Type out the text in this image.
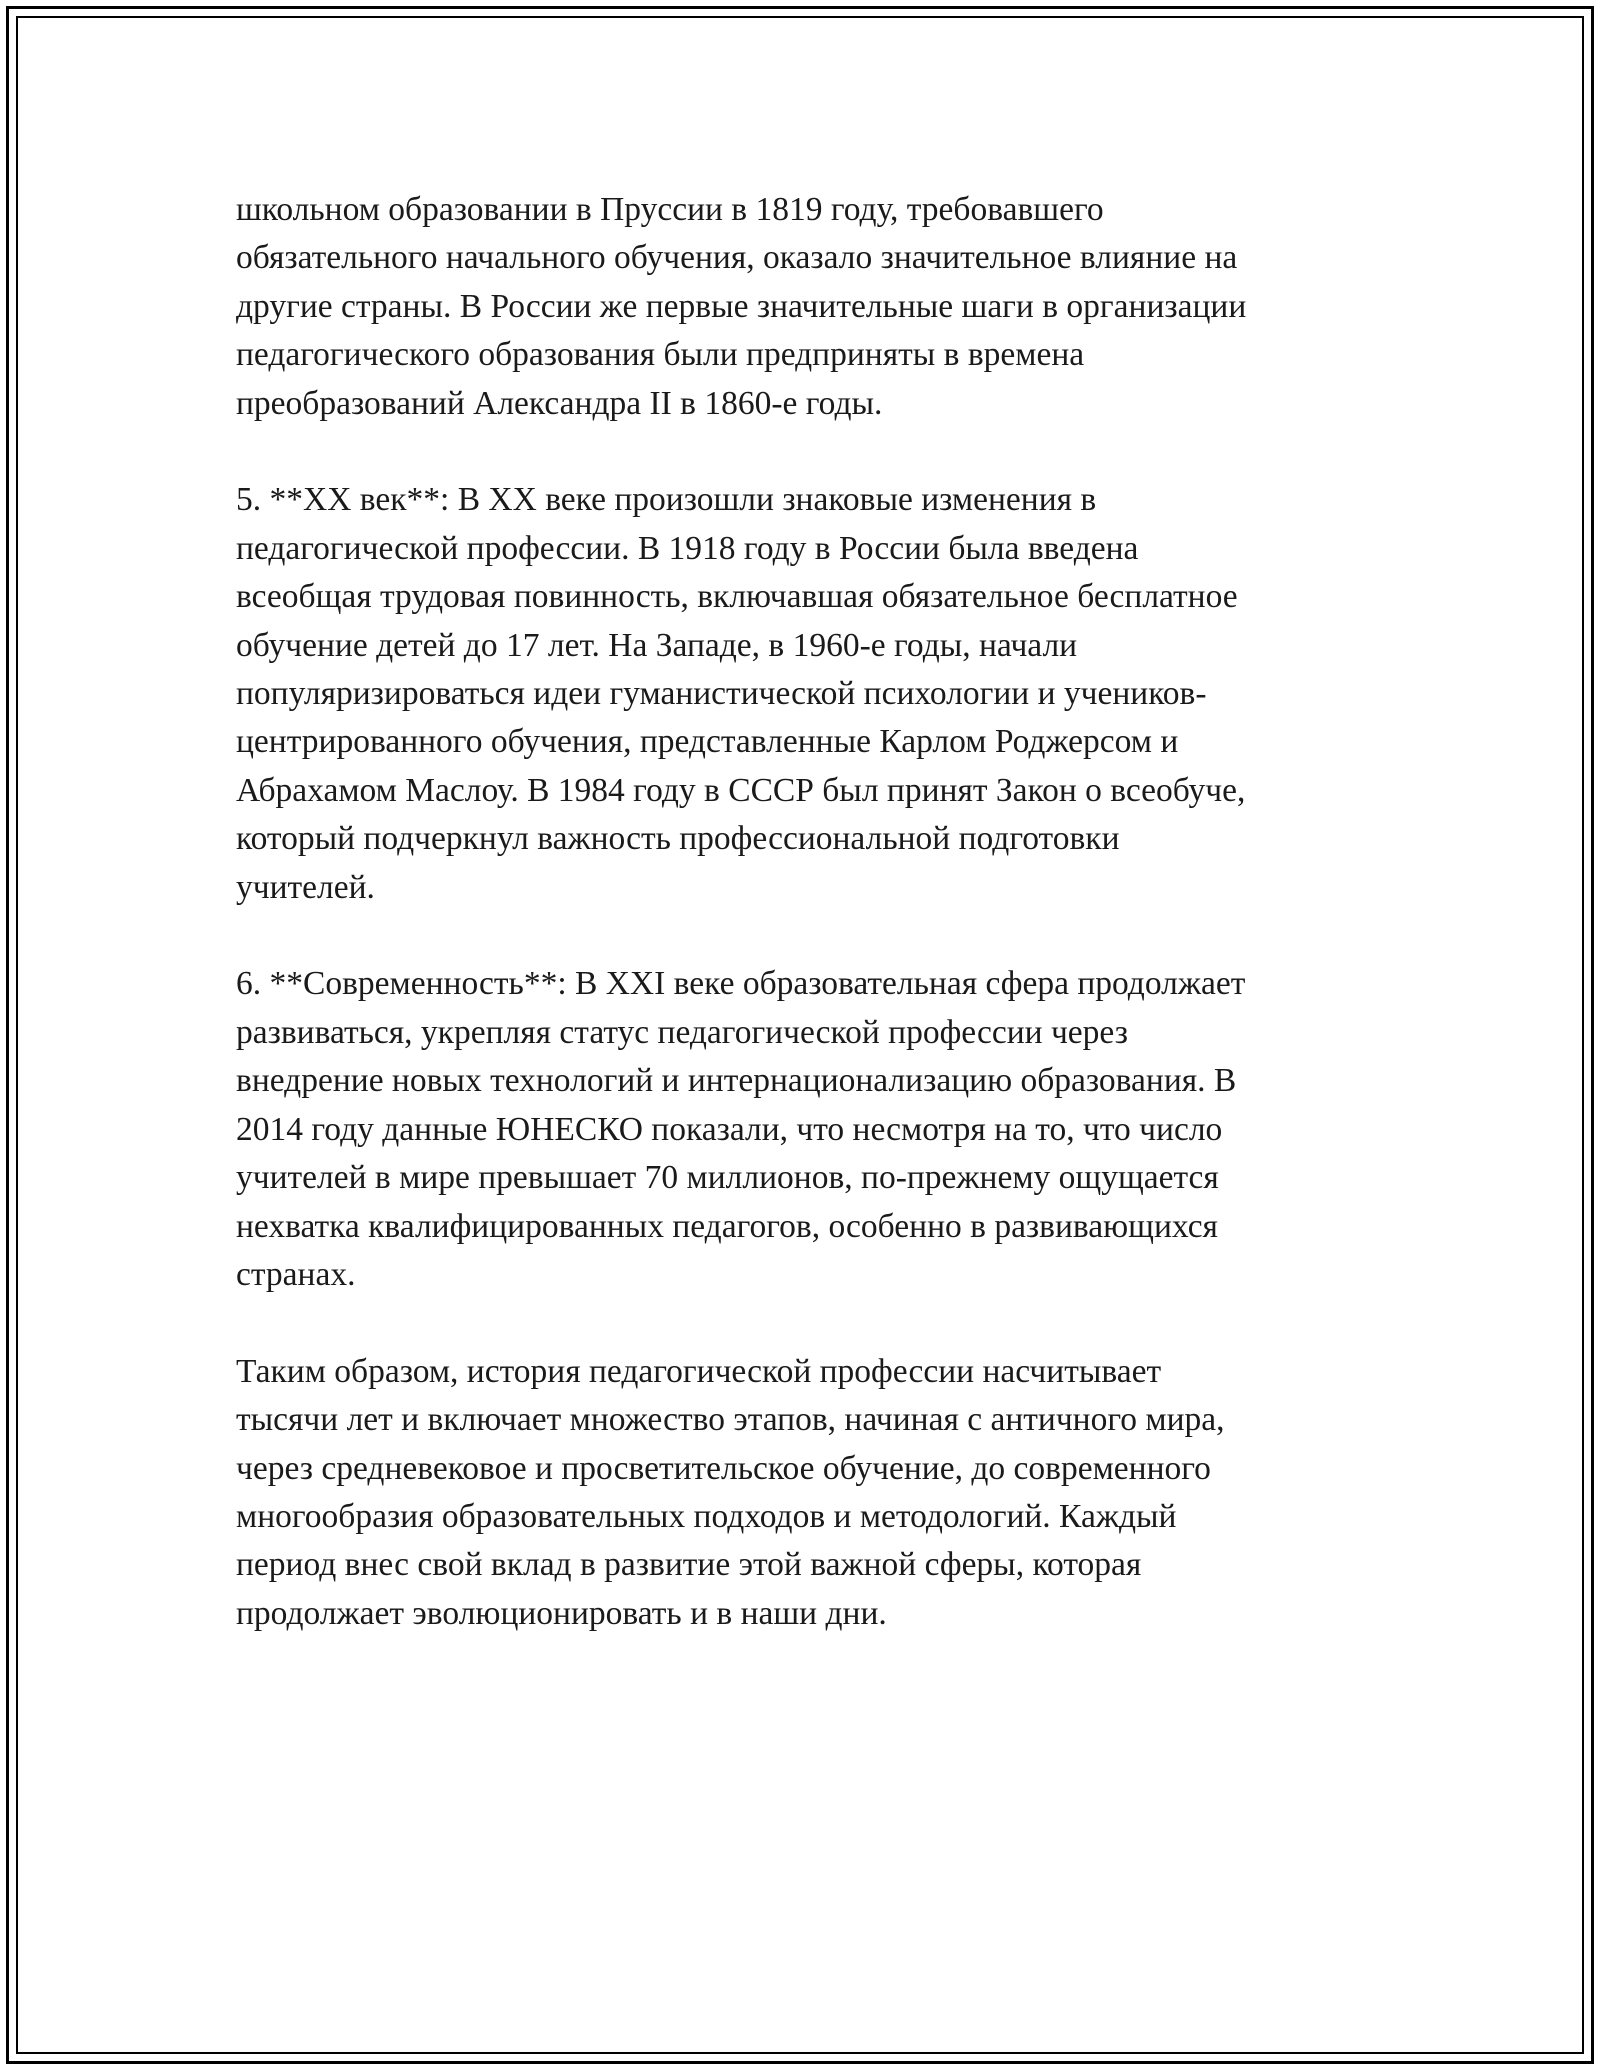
школьном образовании в Пруссии в 1819 году, требовавшего
обязательного начального обучения, оказало значительное влияние на
другие страны. В России же первые значительные шаги в организации
педагогического образования были предприняты в времена
преобразований Александра II в 1860-е годы.

5. **XX век**: В XX веке произошли знаковые изменения в
педагогической профессии. В 1918 году в России была введена
всеобщая трудовая повинность, включавшая обязательное бесплатное
обучение детей до 17 лет. На Западе, в 1960-е годы, начали
популяризироваться идеи гуманистической психологии и учеников-
центрированного обучения, представленные Карлом Роджерсом и
Абрахамом Маслоу. В 1984 году в СССР был принят Закон о всеобуче,
который подчеркнул важность профессиональной подготовки
учителей.

6. **Современность**: В XXI веке образовательная сфера продолжает
развиваться, укрепляя статус педагогической профессии через
внедрение новых технологий и интернационализацию образования. В
2014 году данные ЮНЕСКО показали, что несмотря на то, что число
учителей в мире превышает 70 миллионов, по-прежнему ощущается
нехватка квалифицированных педагогов, особенно в развивающихся
странах.

Таким образом, история педагогической профессии насчитывает
тысячи лет и включает множество этапов, начиная с античного мира,
через средневековое и просветительское обучение, до современного
многообразия образовательных подходов и методологий. Каждый
период внес свой вклад в развитие этой важной сферы, которая
продолжает эволюционировать и в наши дни.
